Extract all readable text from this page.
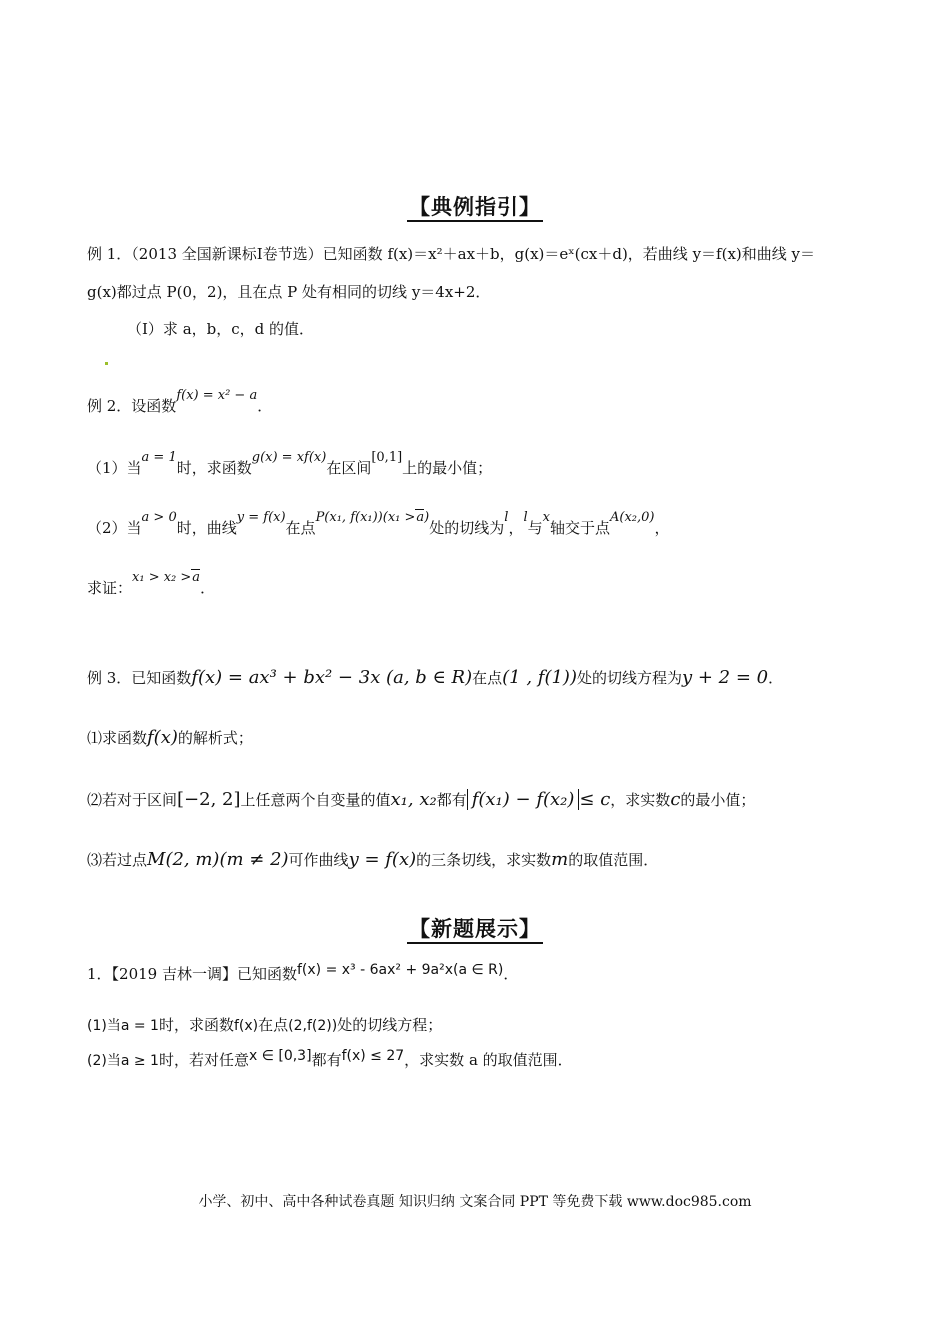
【典例指引】
例 1．（2013 全国新课标Ⅰ卷节选）已知函数 f(x)＝x²＋ax＋b，g(x)＝eˣ(cx＋d)，若曲线 y＝f(x)和曲线 y＝
g(x)都过点 P(0，2)，且在点 P 处有相同的切线 y＝4x+2．
（Ⅰ）求 a，b，c，d 的值．
例 2．设函数f(x) = x² − a．
（1）当a = 1时，求函数g(x) = xf(x)在区间[0,1]上的最小值；
（2）当a > 0时，曲线y = f(x)在点P(x₁, f(x₁))(x₁ >a)处的切线为l，l与x轴交于点A(x₂,0)，
求证：x₁ > x₂ >a．
例 3．已知函数f(x) = ax³ + bx² − 3x (a, b ∈ R)在点(1 , f(1))处的切线方程为y + 2 = 0．
⑴求函数f(x)的解析式；
⑵若对于区间[−2, 2]上任意两个自变量的值x₁, x₂都有 f(x₁) − f(x₂) ≤ c，求实数c的最小值；
⑶若过点M(2, m)(m ≠ 2)可作曲线y = f(x)的三条切线，求实数m的取值范围．
【新题展示】
1．【2019 吉林一调】已知函数f(x) = x³ - 6ax² + 9a²x(a ∈ R)．
(1)当a = 1时，求函数f(x)在点(2,f(2))处的切线方程；
(2)当a ≥ 1时，若对任意x ∈ [0,3]都有f(x) ≤ 27，求实数 a 的取值范围．
小学、初中、高中各种试卷真题 知识归纳 文案合同 PPT 等免费下载 www.doc985.com
